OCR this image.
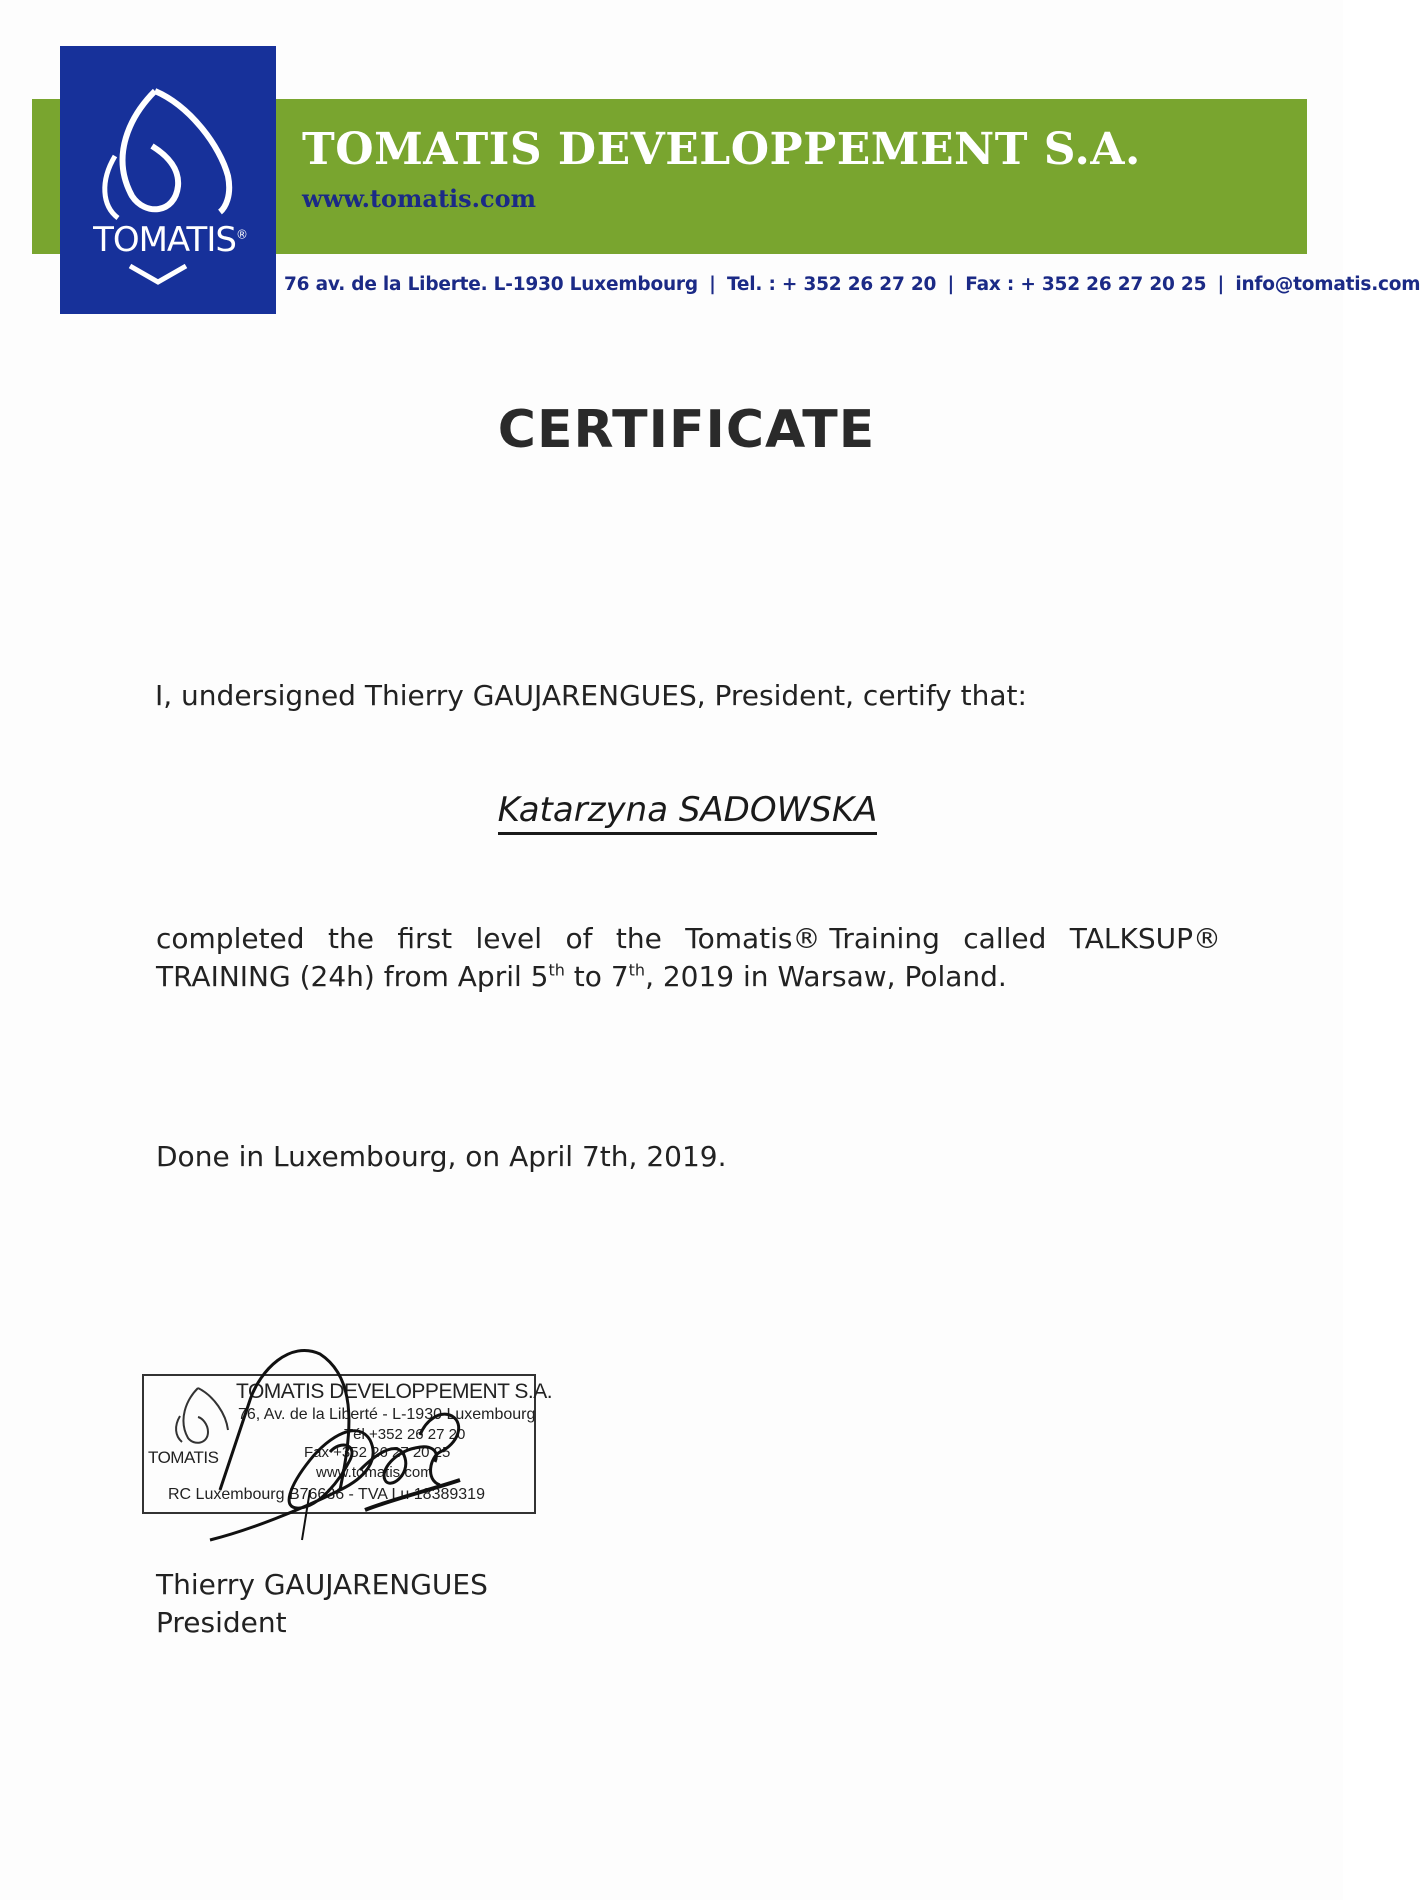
TOMATIS DEVELOPPEMENT S.A.
www.tomatis.com
TOMATIS®
76 av. de la Liberte. L-1930 Luxembourg | Tel. : + 352 26 27 20 | Fax : + 352 26 27 20 25 | info@tomatis.com
CERTIFICATE
I, undersigned Thierry GAUJARENGUES, President, certify that:
Katarzyna SADOWSKA
completed the first level of the Tomatis® Training called TALKSUP®
TRAINING (24h) from April 5th to 7th, 2019 in Warsaw, Poland.
Done in Luxembourg, on April 7th, 2019.
TOMATIS DEVELOPPEMENT S.A.
76, Av. de la Liberté - L-1930 Luxembourg
Tél +352 26 27 20
Fax +352 26 27 20 25
www.tomatis.com
TOMATIS
RC Luxembourg B76636 - TVA Lu 18389319
Thierry GAUJARENGUES
President
